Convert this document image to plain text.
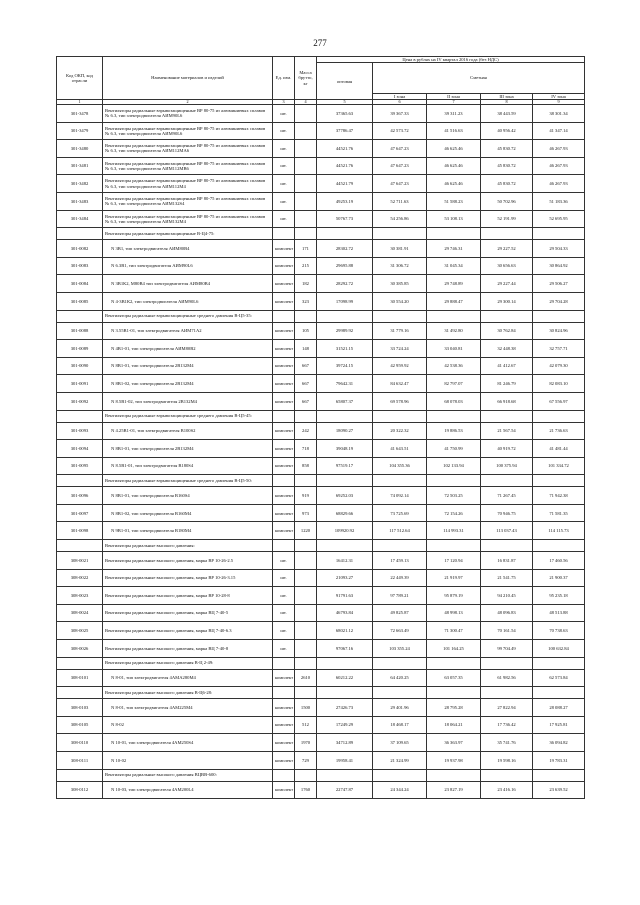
277
Код ОКП, код отрасли	Наименование материалов и изделий	Ед. изм.	Масса брутто, кг	Цена в рублях на IV квартал 2016 года (без НДС)				
				оптовая	Сметная			
					I зона	II зона	III зона	IV зона
1	2	3	4	5	6	7	8	9
301-3478	Вентиляторы радиальные взрывозащищенные ВР 80-75 из алюминиевых сплавов № 6.3, тип электродвигателя АИМ90L6	шт.		37365.63	39 367.33	39 311.23	38 443.59	38 301.34
301-3479	Вентиляторы радиальные взрывозащищенные ВР 80-75 из алюминиевых сплавов № 6.3, тип электродвигателя АИМ90L6	шт.		37786.47	42 573.72	41 516.63	40 956.42	41 347.14
301-3480	Вентиляторы радиальные взрывозащищенные ВР 80-75 из алюминиевых сплавов № 6.3, тип электродвигателя АИМ112МА6	шт.		44521.76	47 647.23	46 625.46	45 830.72	46 267.93
301-3481	Вентиляторы радиальные взрывозащищенные ВР 80-75 из алюминиевых сплавов № 6.3, тип электродвигателя АИМ112МВ6	шт.		44521.76	47 647.23	46 625.46	45 830.72	46 267.93
301-3482	Вентиляторы радиальные взрывозащищенные ВР 80-75 из алюминиевых сплавов № 6.3, тип электродвигателя АИМ112М4	шт.		44521.79	47 647.23	46 625.46	45 830.72	46 267.93
301-3483	Вентиляторы радиальные взрывозащищенные ВР 80-75 из алюминиевых сплавов № 6.3, тип электродвигателя АИМ132S4	шт.		49253.19	52 711.63	51 588.23	50 702.96	51 183.36
301-3484	Вентиляторы радиальные взрывозащищенные ВР 80-75 из алюминиевых сплавов № 6.3, тип электродвигателя АИМ132М4	шт.		50767.73	54 256.86	53 108.13	52 191.99	52 695.95
	Вентиляторы радиальные взрывозащищенные В-Ц4-75:							
301-0082	N 3В1, тип электродвигателя АИМ80В4	комплект	171	28302.72	30 381.91	29 746.31	29 227.52	29 504.33
301-0083	N 6.3В1, тип электродвигателя АИМ90L6	комплект	215	29695.88	31 306.72	31 045.34	30 656.63	30 864.92
301-0084	N 3В1К2, М80В4 тип электродвигателя АИМ80В4	комплект	182	28292.72	30 385.85	29 748.89	29 227.44	29 506.27
301-0085	N 4-3В1К2, тип электродвигателя АИМ90L6	комплект	323	17098.99	30 554.20	29 888.47	29 300.14	29 704.28
	Вентиляторы радиальные взрывозащищенные среднего давления В-Ц5-35:							
301-0088	N 3.55В1-01, тип электродвигателя АИМ71А2	комплект	105	29989.92	31 779.16	31 492.80	30 762.84	30 824.96
301-0089	N 4В1-01, тип электродвигателя АИМ80В2	комплект	148	31521.15	33 724.24	33 040.81	32 448.38	32 757.71
301-0090	N 8В1-01, тип электродвигателя 2В132М4	комплект	667	39724.15	42 959.92	42 538.36	41 412.67	42 079.30
301-0091	N 8В1-02, тип электродвигателя 2В132М4	комплект	667	79642.31	84 632.47	82 797.07	81 246.79	82 083.10
301-0092	N 8.5В1-02, тип электродвигателя 2В132М4	комплект	667	65807.37	69 578.96	68 078.03	66 918.68	67 556.97
	Вентиляторы радиальные взрывозащищенные среднего давления В-Ц5-45:							
301-0093	N 4.25В1-01, тип электродвигателя В100S2	комплект	242	18090.27	20 322.32	19 886.53	21 567.54	21 736.63
301-0094	N 8В1-01, тип электродвигателя 2В132М4	комплект	718	39048.19	41 643.51	41 750.99	40 919.72	41 481.44
301-0095	N 8.5В1-01, тип электродвигателя В180S4	комплект	858	97519.17	104 355.36	102 133.94	100 375.94	101 334.72
	Вентиляторы радиальные взрывозащищенные среднего давления В-Ц5-50:							
301-0096	N 8В1-01, тип электродвигателя В160S4	комплект	919	69252.03	74 092.14	72 503.25	71 267.45	71 942.38
301-0097	N 8В1-02, тип электродвигателя В160М4	комплект	973	68829.66	73 725.69	72 154.26	70 946.75	71 581.35
301-0098	N 9В1-01, тип электродвигателя В180М4	комплект	1220	109920.92	117 512.64	114 993.31	113 037.43	114 115.73
	Вентиляторы радиальные высокого давления:							
308-0021	Вентиляторы радиальные высокого давления, марка ВР 10-26-2.5	шт.		16412.31	17 459.13	17 120.94	16 831.87	17 460.56
308-0022	Вентиляторы радиальные высокого давления, марка ВР 10-26-3.15	шт.		21093.27	22 449.39	21 919.97	21 541.75	21 900.37
308-0023	Вентиляторы радиальные высокого давления, марка ВР 10-28-8	шт.		91791.63	97 789.21	95 879.19	94 210.45	95 235.18
308-0024	Вентиляторы радиальные высокого давления, марка ВЦ 7-40-5	шт.		46793.84	49 825.87	48 998.13	48 096.83	48 513.88
308-0025	Вентиляторы радиальные высокого давления, марка ВЦ 7-40-6.3	шт.		68021.12	72 663.49	71 300.47	70 161.54	70 738.63
308-0026	Вентиляторы радиальные высокого давления, марка ВЦ 7-40-8	шт.		97067.16	103 355.24	101 164.25	99 704.49	100 632.84
	Вентиляторы радиальные высокого давления В-Ц 2-49:							
308-0101	N 8-01, тип электродвигателя 4АМА280М4	комплект	2610	60212.22	64 420.25	63 057.35	61 982.56	62 573.84
	Вентиляторы радиальные высокого давления В-Ц6-28:							
308-0103	N 8-01, тип электродвигателя 4АМ225М4	комплект	1500	27426.73	29 401.96	28 795.28	27 822.94	28 088.27
308-0105	N 8-02	комплект	512	17249.29	18 468.17	18 064.21	17 736.42	17 925.81
308-0110	N 10-01, тип электродвигателя 4АМ250S4	комплект	1970	34712.89	37 109.65	36 363.97	35 741.76	36 094.82
308-0111	N 10-02	комплект	729	19958.41	21 324.99	19 937.98	19 598.16	19 783.31
	Вентиляторы радиальные высокого давления ВЦВВ-600:							
308-0112	N 10-03, тип электродвигателя 4АМ200L4	комплект	1760	22747.87	24 344.24	23 827.19	23 416.16	23 639.52
